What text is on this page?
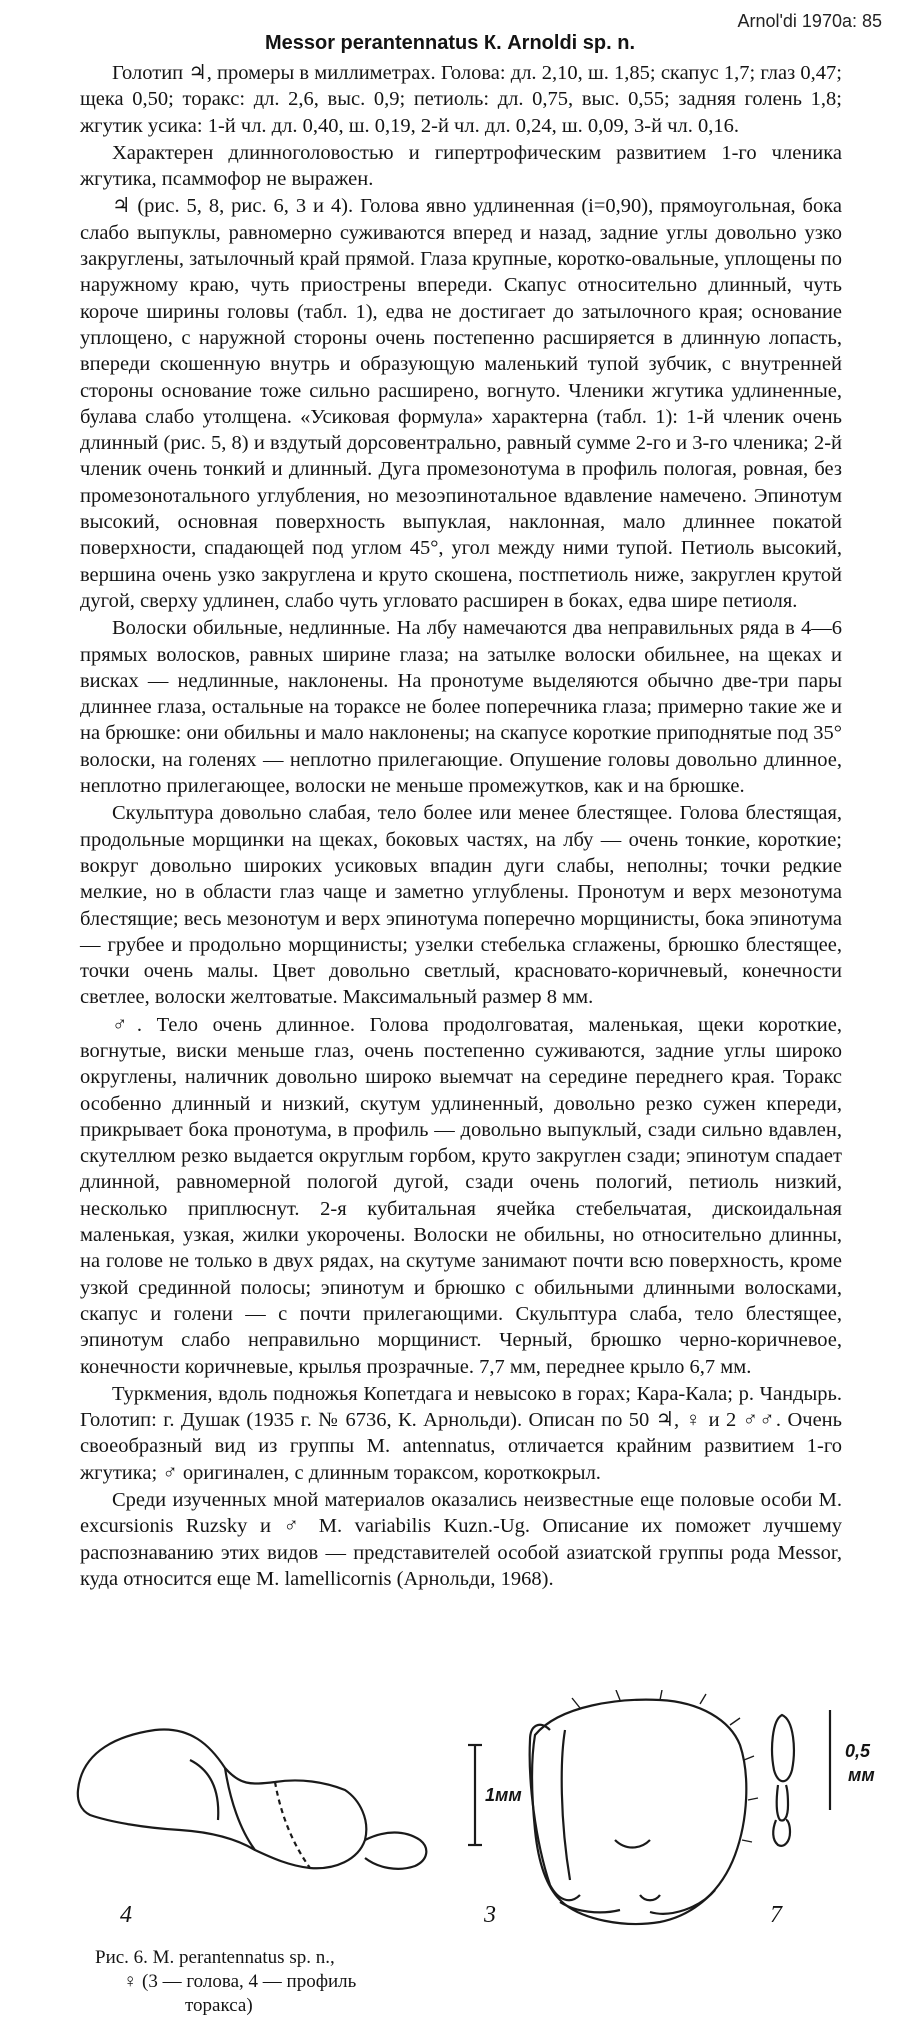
Arnol'di 1970a: 85
Messor perantennatus К. Arnoldi sp. n.

Голотип ♃, промеры в миллиметрах. Голова: дл. 2,10, ш. 1,85; скапус 1,7; глаз 0,47; щека 0,50; торакс: дл. 2,6, выс. 0,9; петиоль: дл. 0,75, выс. 0,55; задняя голень 1,8; жгутик усика: 1-й чл. дл. 0,40, ш. 0,19, 2-й чл. дл. 0,24, ш. 0,09, 3-й чл. 0,16.

Характерен длинноголовостью и гипертрофическим развитием 1-го членика жгутика, псаммофор не выражен.

♃ (рис. 5, 8, рис. 6, 3 и 4). Голова явно удлиненная (i=0,90), прямоугольная, бока слабо выпуклы, равномерно суживаются вперед и назад, задние углы довольно узко закруглены, затылочный край прямой. Глаза крупные, коротко-овальные, уплощены по наружному краю, чуть приострены впереди. Скапус относительно длинный, чуть короче ширины головы (табл. 1), едва не достигает до затылочного края; основание уплощено, с наружной стороны очень постепенно расширяется в длинную лопасть, впереди скошенную внутрь и образующую маленький тупой зубчик, с внутренней стороны основание тоже сильно расширено, вогнуто. Членики жгутика удлиненные, булава слабо утолщена. «Усиковая формула» характерна (табл. 1): 1-й членик очень длинный (рис. 5, 8) и вздутый дорсовентрально, равный сумме 2-го и 3-го членика; 2-й членик очень тонкий и длинный. Дуга промезонотума в профиль пологая, ровная, без промезонотального углубления, но мезоэпинотальное вдавление намечено. Эпинотум высокий, основная поверхность выпуклая, наклонная, мало длиннее покатой поверхности, спадающей под углом 45°, угол между ними тупой. Петиоль высокий, вершина очень узко закруглена и круто скошена, постпетиоль ниже, закруглен крутой дугой, сверху удлинен, слабо чуть угловато расширен в боках, едва шире петиоля.

Волоски обильные, недлинные. На лбу намечаются два неправильных ряда в 4—6 прямых волосков, равных ширине глаза; на затылке волоски обильнее, на щеках и висках — недлинные, наклонены. На пронотуме выделяются обычно две-три пары длиннее глаза, остальные на тораксе не более поперечника глаза; примерно такие же и на брюшке: они обильны и мало наклонены; на скапусе короткие приподнятые под 35° волоски, на голенях — неплотно прилегающие. Опушение головы довольно длинное, неплотно прилегающее, волоски не меньше промежутков, как и на брюшке.

Скульптура довольно слабая, тело более или менее блестящее. Голова блестящая, продольные морщинки на щеках, боковых частях, на лбу — очень тонкие, короткие; вокруг довольно широких усиковых впадин дуги слабы, неполны; точки редкие мелкие, но в области глаз чаще и заметно углублены. Пронотум и верх мезонотума блестящие; весь мезонотум и верх эпинотума поперечно морщинисты, бока эпинотума — грубее и продольно морщинисты; узелки стебелька сглажены, брюшко блестящее, точки очень малы. Цвет довольно светлый, красновато-коричневый, конечности светлее, волоски желтоватые. Максимальный размер 8 мм.

♂. Тело очень длинное. Голова продолговатая, маленькая, щеки короткие, вогнутые, виски меньше глаз, очень постепенно суживаются, задние углы широко округлены, наличник довольно широко выемчат на середине переднего края. Торакс особенно длинный и низкий, скутум удлиненный, довольно резко сужен кпереди, прикрывает бока пронотума, в профиль — довольно выпуклый, сзади сильно вдавлен, скутеллюм резко выдается округлым горбом, круто закруглен сзади; эпинотум спадает длинной, равномерной пологой дугой, сзади очень пологий, петиоль низкий, несколько приплюснут. 2-я кубитальная ячейка стебельчатая, дискоидальная маленькая, узкая, жилки укорочены. Волоски не обильны, но относительно длинны, на голове не только в двух рядах, на скутуме занимают почти всю поверхность, кроме узкой срединной полосы; эпинотум и брюшко с обильными длинными волосками, скапус и голени — с почти прилегающими. Скульптура слаба, тело блестящее, эпинотум слабо неправильно морщинист. Черный, брюшко черно-коричневое, конечности коричневые, крылья прозрачные. 7,7 мм, переднее крыло 6,7 мм.

Туркмения, вдоль подножья Копетдага и невысоко в горах; Кара-Кала; р. Чандырь. Голотип: г. Душак (1935 г. № 6736, К. Арнольди). Описан по 50 ♃, ♀ и 2 ♂♂. Очень своеобразный вид из группы M. antennatus, отличается крайним развитием 1-го жгутика; ♂ оригинален, с длинным тораксом, короткокрыл.

Среди изученных мной материалов оказались неизвестные еще половые особи M. excursionis Ruzsky и ♂ M. variabilis Kuzn.-Ug. Описание их поможет лучшему распознаванию этих видов — представителей особой азиатской группы рода Messor, куда относится еще M. lamellicornis (Арнольди, 1968).

4	3	7
1мм
0,5
мм
Рис. 6. M. perantennatus sp. n.,
♀ (3 — голова, 4 — профиль
торакса)
